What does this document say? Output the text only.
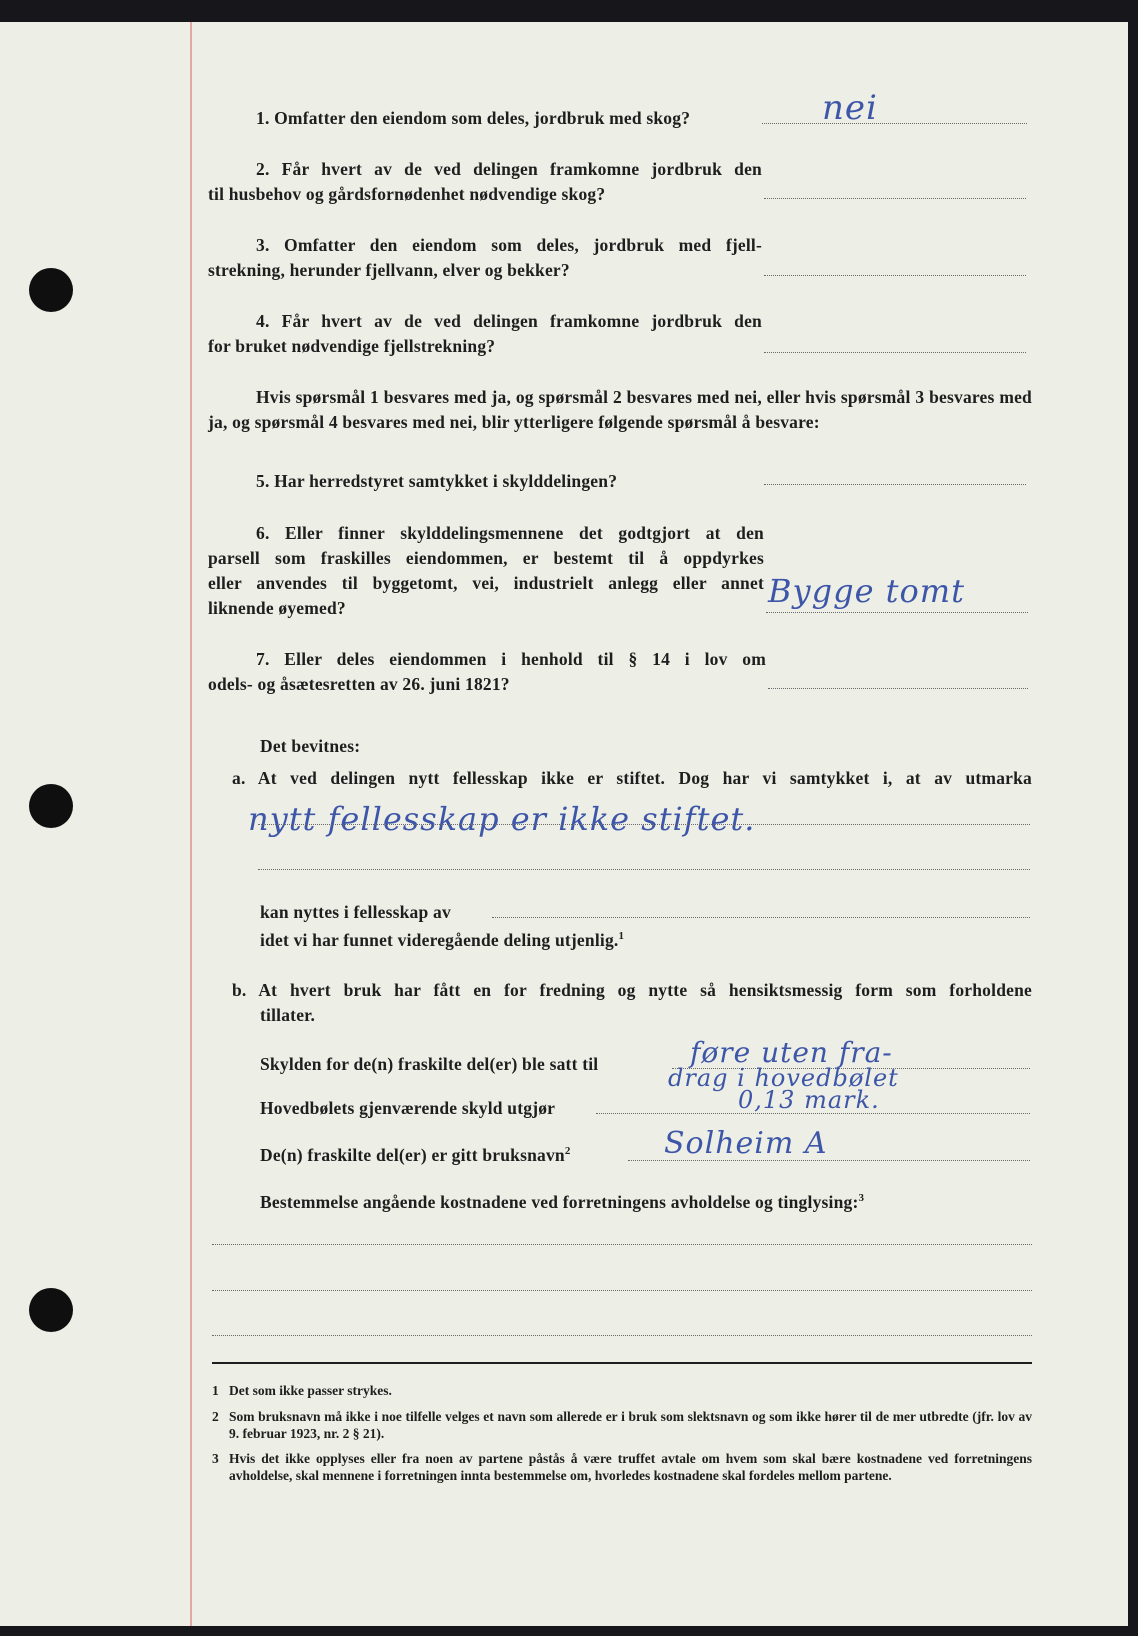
1. Omfatter den eiendom som deles, jordbruk med skog?	nei
2. Får hvert av de ved delingen framkomne jordbruk den
til husbehov og gårdsfornødenhet nødvendige skog?
3. Omfatter den eiendom som deles, jordbruk med fjell-
strekning, herunder fjellvann, elver og bekker?
4. Får hvert av de ved delingen framkomne jordbruk den
for bruket nødvendige fjellstrekning?
Hvis spørsmål 1 besvares med ja, og spørsmål 2 besvares med nei, eller hvis spørsmål 3 besvares med ja, og spørsmål 4 besvares med nei, blir ytterligere følgende spørsmål å besvare:
5. Har herredstyret samtykket i skylddelingen?
6. Eller finner skylddelingsmennene det godtgjort at den
parsell som fraskilles eiendommen, er bestemt til å oppdyrkes
eller anvendes til byggetomt, vei, industrielt anlegg eller annet
liknende øyemed?	Bygge tomt
7. Eller deles eiendommen i henhold til § 14 i lov om
odels- og åsætesretten av 26. juni 1821?
Det bevitnes:
a. At ved delingen nytt fellesskap ikke er stiftet. Dog har vi samtykket i, at av utmarka
nytt fellesskap er ikke stiftet.
kan nyttes i fellesskap av
idet vi har funnet videregående deling utjenlig.$^1$
b. At hvert bruk har fått en for fredning og nytte så hensiktsmessig form som forholdene
tillater.
Skylden for de(n) fraskilte del(er) ble satt til	føre uten fra-
drag i hovedbølet
Hovedbølets gjenværende skyld utgjør	0,13 mark.
De(n) fraskilte del(er) er gitt bruksnavn$^2$	Solheim A
Bestemmelse angående kostnadene ved forretningens avholdelse og tinglysing:$^3$
1 Det som ikke passer strykes.
2 Som bruksnavn må ikke i noe tilfelle velges et navn som allerede er i bruk som slektsnavn og som ikke hører til de mer utbredte (jfr. lov av 9. februar 1923, nr. 2 § 21).
3 Hvis det ikke opplyses eller fra noen av partene påstås å være truffet avtale om hvem som skal bære kostnadene ved forretningens avholdelse, skal mennene i forretningen innta bestemmelse om, hvorledes kostnadene skal fordeles mellom partene.
